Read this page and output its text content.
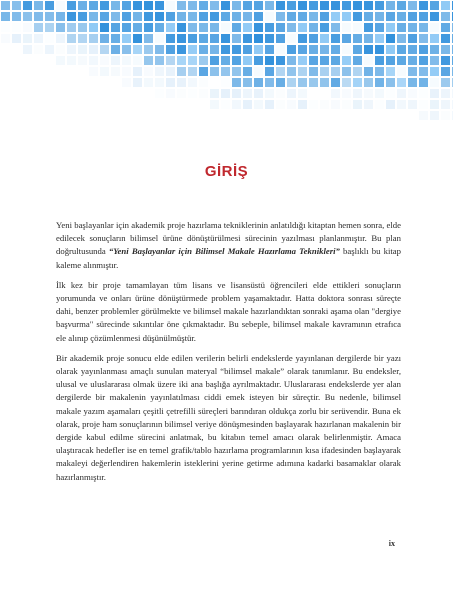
GİRİŞ

Yeni başlayanlar için akademik proje hazırlama tekniklerinin anlatıldığı kitaptan hemen sonra, elde edilecek sonuçların bilimsel ürüne dönüştürülmesi sürecinin yazılması planlanmıştır. Bu plan doğrultusunda “Yeni Başlayanlar için Bilimsel Makale Hazırlama Teknikleri” başlıklı bu kitap kaleme alınmıştır.

İlk kez bir proje tamamlayan tüm lisans ve lisansüstü öğrencileri elde ettikleri sonuçların yorumunda ve onları ürüne dönüştürmede problem yaşamaktadır. Hatta doktora sonrası süreçte dahi, benzer problemler görülmekte ve bilimsel makale hazırlandıktan sonraki aşama olan "dergiye başvurma" sürecinde sıkıntılar öne çıkmaktadır. Bu sebeple, bilimsel makale kavramının etrafıca ele alınıp çözümlenmesi düşünülmüştür.

Bir akademik proje sonucu elde edilen verilerin belirli endekslerde yayınlanan dergilerde bir yazı olarak yayınlanması amaçlı sunulan materyal “bilimsel makale” olarak tanımlanır. Bu endeksler, ulusal ve uluslararası olmak üzere iki ana başlığa ayrılmaktadır. Uluslararası endekslerde yer alan dergilerde bir makalenin yayınlatılması ciddi emek isteyen bir süreçtir. Bu nedenle, bilimsel makale yazım aşamaları çeşitli çetrefilli süreçleri barındıran oldukça zorlu bir serüvendir. Buna ek olarak, proje ham sonuçlarının bilimsel veriye dönüşmesinden başlayarak hazırlanan makalenin bir dergide kabul edilme sürecini anlatmak, bu kitabın temel amacı olarak belirlenmiştir. Amaca ulaştıracak hedefler ise en temel grafik/tablo hazırlama programlarının kısa ifadesinden başlayarak makaleyi değerlendiren hakemlerin isteklerini yerine getirme adımına kadarki basamaklar olarak hazırlanmıştır.

ix
